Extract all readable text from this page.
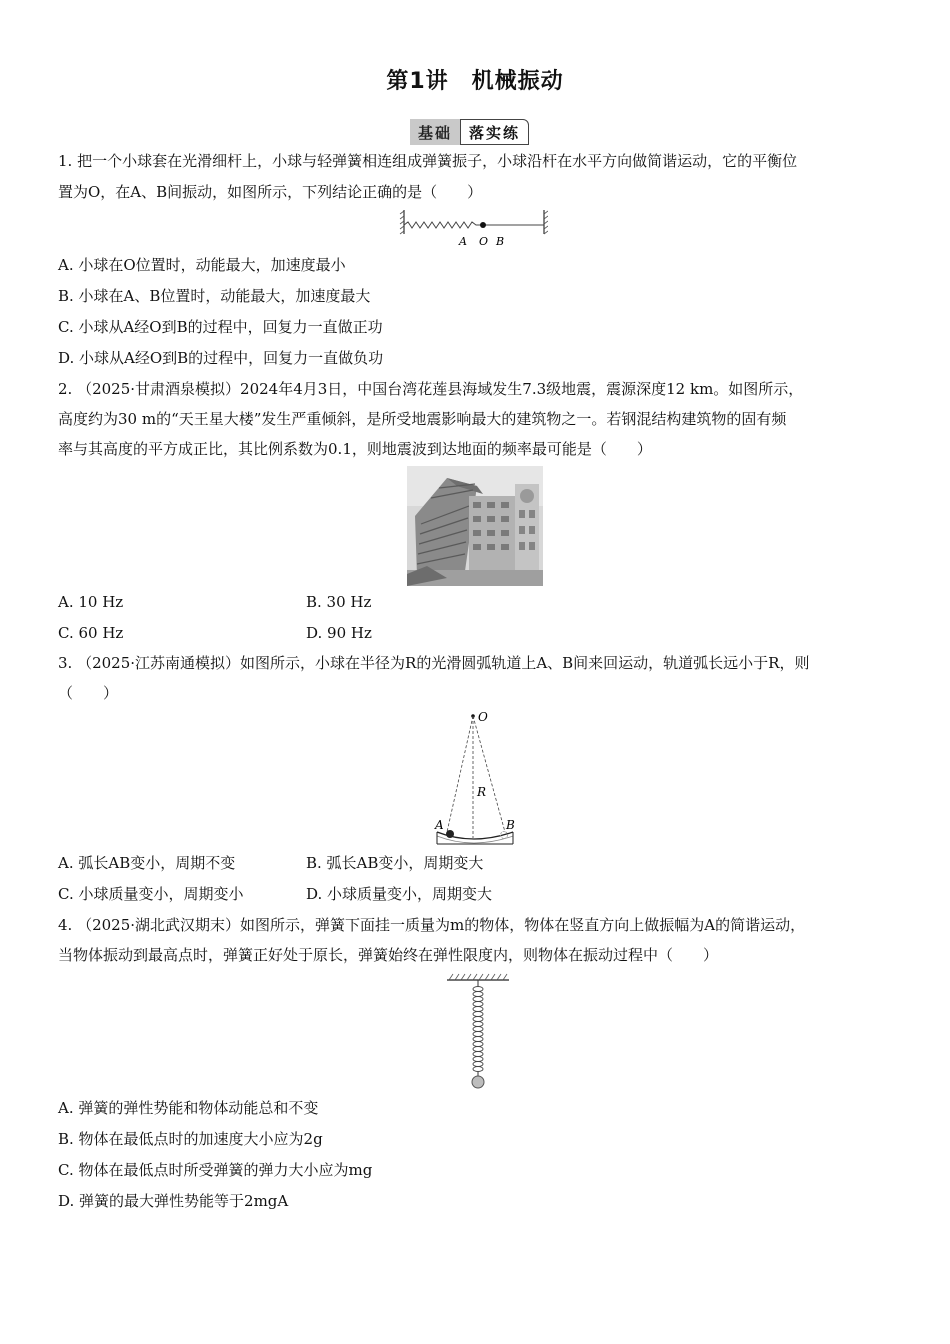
第1讲　机械振动
基础	落实练
1. 把一个小球套在光滑细杆上，小球与轻弹簧相连组成弹簧振子，小球沿杆在水平方向做简谐运动，它的平衡位
置为O，在A、B间振动，如图所示，下列结论正确的是（　　）
A O B
A. 小球在O位置时，动能最大，加速度最小
B. 小球在A、B位置时，动能最大，加速度最大
C. 小球从A经O到B的过程中，回复力一直做正功
D. 小球从A经O到B的过程中，回复力一直做负功
2. （2025·甘肃酒泉模拟）2024年4月3日，中国台湾花莲县海域发生7.3级地震，震源深度12 km。如图所示，
高度约为30 m的“天王星大楼”发生严重倾斜，是所受地震影响最大的建筑物之一。若钢混结构建筑物的固有频
率与其高度的平方成正比，其比例系数为0.1，则地震波到达地面的频率最可能是（　　）
A. 10 Hz	B. 30 Hz
C. 60 Hz	D. 90 Hz
3. （2025·江苏南通模拟）如图所示，小球在半径为R的光滑圆弧轨道上A、B间来回运动，轨道弧长远小于R，则
（　　）
O
R
A	B
A. 弧长AB变小，周期不变	B. 弧长AB变小，周期变大
C. 小球质量变小，周期变小	D. 小球质量变小，周期变大
4. （2025·湖北武汉期末）如图所示，弹簧下面挂一质量为m的物体，物体在竖直方向上做振幅为A的简谐运动，
当物体振动到最高点时，弹簧正好处于原长，弹簧始终在弹性限度内，则物体在振动过程中（　　）
A. 弹簧的弹性势能和物体动能总和不变
B. 物体在最低点时的加速度大小应为2g
C. 物体在最低点时所受弹簧的弹力大小应为mg
D. 弹簧的最大弹性势能等于2mgA
